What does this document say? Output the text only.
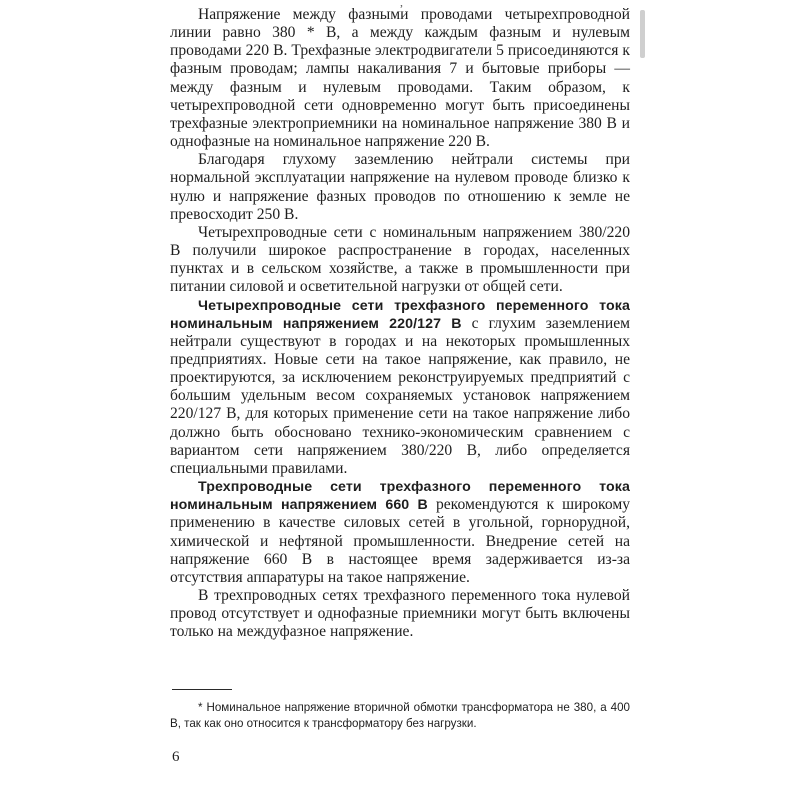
,

Напряжение между фазными проводами четырехпроводной линии равно 380 * В, а между каждым фазным и нулевым проводами 220 В. Трехфазные электродвигатели 5 присоединяются к фазным проводам; лампы накаливания 7 и бытовые приборы — между фазным и нулевым проводами. Таким образом, к четырехпроводной сети одновременно могут быть присоединены трехфазные электроприемники на номинальное напряжение 380 В и однофазные на номинальное напряжение 220 В.

Благодаря глухому заземлению нейтрали системы при нормальной эксплуатации напряжение на нулевом проводе близко к нулю и напряжение фазных проводов по отношению к земле не превосходит 250 В.

Четырехпроводные сети с номинальным напряжением 380/220 В получили широкое распространение в городах, населенных пунктах и в сельском хозяйстве, а также в промышленности при питании силовой и осветительной нагрузки от общей сети.

Четырехпроводные сети трехфазного переменного тока номинальным напряжением 220/127 В с глухим заземлением нейтрали существуют в городах и на некоторых промышленных предприятиях. Новые сети на такое напряжение, как правило, не проектируются, за исключением реконструируемых предприятий с большим удельным весом сохраняемых установок напряжением 220/127 В, для которых применение сети на такое напряжение либо должно быть обосновано технико-экономическим сравнением с вариантом сети напряжением 380/220 В, либо определяется специальными правилами.

Трехпроводные сети трехфазного переменного тока номинальным напряжением 660 В рекомендуются к широкому применению в качестве силовых сетей в угольной, горнорудной, химической и нефтяной промышленности. Внедрение сетей на напряжение 660 В в настоящее время задерживается из-за отсутствия аппаратуры на такое напряжение.

В трехпроводных сетях трехфазного переменного тока нулевой провод отсутствует и однофазные приемники могут быть включены только на междуфазное напряжение.

* Номинальное напряжение вторичной обмотки трансформатора не 380, а 400 В, так как оно относится к трансформатору без нагрузки.

6
